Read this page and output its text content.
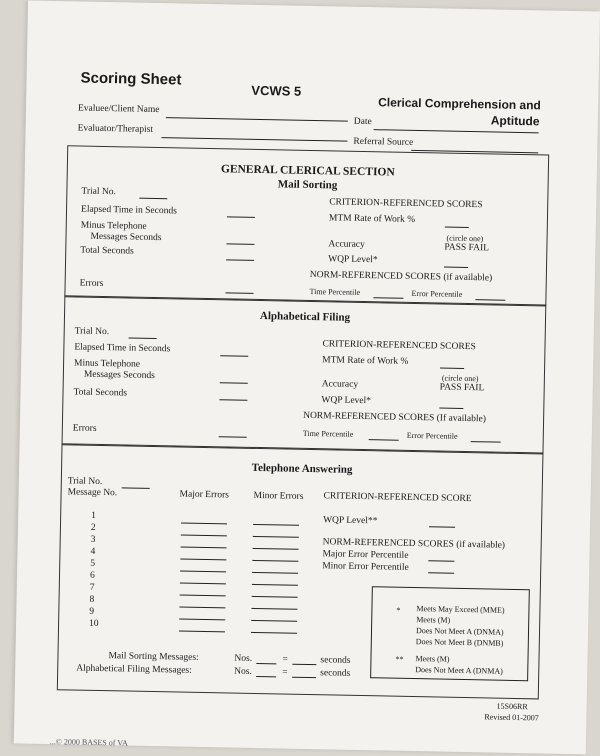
Scoring Sheet
VCWS 5
Clerical Comprehension and
Aptitude
Evaluee/Client Name
Date
Evaluator/Therapist
Referral Source
GENERAL CLERICAL SECTION
Mail Sorting
Trial No.
Elapsed Time in Seconds
Minus Telephone
Messages Seconds
Total Seconds
Errors
CRITERION-REFERENCED SCORES
MTM Rate of Work %
(circle one)
Accuracy	PASS FAIL
WQP Level*
NORM-REFERENCED SCORES (if available)
Time Percentile	Error Percentile
Alphabetical Filing
Trial No.
Elapsed Time in Seconds
Minus Telephone
Messages Seconds
Total Seconds
Errors
CRITERION-REFERENCED SCORES
MTM Rate of Work %
(circle one)
Accuracy	PASS FAIL
WQP Level*
NORM-REFERENCED SCORES (If available)
Time Percentile	Error Percentile
Telephone Answering
Trial No.
Message No.	Major Errors	Minor Errors
1
2
3
4
5
6
7
8
9
10
CRITERION-REFERENCED SCORE
WQP Level**
NORM-REFERENCED SCORES (if available)
Major Error Percentile
Minor Error Percentile
* Meets May Exceed (MME)
Meets (M)
Does Not Meet A (DNMA)
Does Not Meet B (DNMB)
** Meets (M)
Does Not Meet A (DNMA)
Mail Sorting Messages:	Nos.	=	seconds
Alphabetical Filing Messages:	Nos.	=	seconds
15S06RR
Revised 01-2007
...© 2000 BASES of VA
